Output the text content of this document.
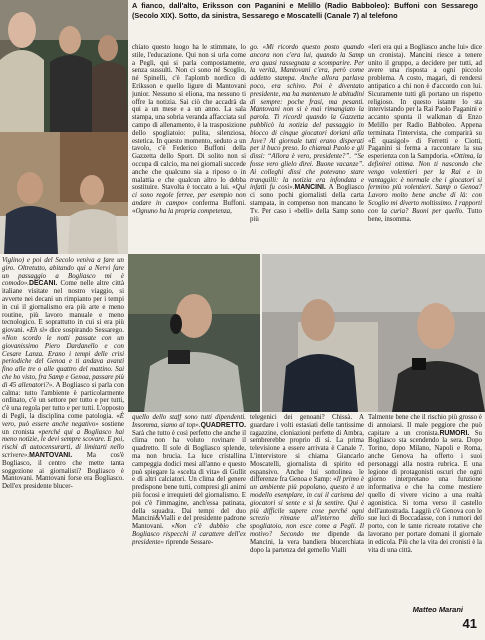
A fianco, dall'alto, Eriksson con Paganini e Melillo (Radio Babboleo): Buffoni con Sessarego (Secolo XIX). Sotto, da sinistra, Sessarego e Moscatelli (Canale 7) al telefono

chiato questo luogo ha le stimmate, lo stile, l'educazione. Qui non si urla come a Pegli, qui si parla compostamente, senza sussulti. Non ci sono né Scoglio, né Spinelli, c'è l'aplomb nordico di Eriksson e quello ligure di Mantovani junior. Nessuno si eliona, ma nessuno ti offre la notizia. Sai ciò che accadrà da qui a un mese e a un anno. La sala stampa, una sobria veranda affacciata sul campo di allenamento, è la trasposizione dello spogliatoio: pulita, silenziosa, estetica. In questo momento, seduto a un tavolo, c'è Federico Buffoni della Gazzetta dello Sport. Di solito non si occupa di calcio, ma nei giornali succede anche che qualcuno sia a riposo o in malattia e che qualcun altro lo debba sostituire. Stavolta è toccato a lui. «Qui ci sono regole ferree, per esempio non andare in campo» conferma Buffoni. «Ognuno ha la propria competenza,

go. «Mi ricordo questo posto quando ancora non c'era lui, quando la Samp era quasi rassegnata a scomparire. Per la verità, Mantovani c'era, però come addetto stampa. Anche allora parlava poco, era schivo. Poi è diventato presidente, ma ha mantenuto le abitudini di sempre: poche frasi, ma pesanti. Mantovani non si è mai rimangiato la parola. Ti ricordi quando la Gazzetta pubblicò la notizia del passaggio in blocco di cinque giocatori doriani alla Juve? Al giornale tutti erano disperati per il buco preso. Io chiamai Paolo e gli dissi: “Allora è vero, presidente?”. “Se fosse vero glielo direi. Buone vacanze”. Ai colleghi dissi che potevano stare tranquilli: la notizia era infondata e infatti fu così».MANCINI. A Bogliasco ci sono pochi giornalisti della carta stampata, in compenso non mancano le Tv. Per caso i «belli» della Samp sono più

«Ieri era qui a Bogliasco anche lui» dice un cronista). Mancini riesce a tenere unito il gruppo, a decidere per tutti, ad avere una risposta a ogni piccolo problema. A costo, magari, di rendersi antipatico a chi non è d'accordo con lui. Sicuramente tutti gli portano un rispetto religioso. In questo istante lo sta intervistando per la Rai Paolo Paganini e accanto spunta il walkman di Enzo Melillo per Radio Babboleo. Appena terminata l'intervista, che comparirà su «È quasigol» di Ferretti e Ciotti, Paganini si ferma a raccontare la sua esperienza con la Sampdoria. «Ottima, la definirei ottima. Non ti nascondo che vengo volentieri per la Rai e in vantaggio: è normale che i giocatori si fermino più volentieri. Samp o Genoa? Lavoro molto bene anche di là: con Scoglio mi diverto moltissimo. I rapporti con la curia? Buoni per quello. Tutto bene, insomma.

Viglino) e poi del Secolo veniva a fare un giro. Oltretutto, abitando qui a Nervi fare un passaggio a Bogliasco mi è comodo».DECANI. Come nelle altre città italiane visitate nel nostro viaggio, si avverte nei decani un rimpianto per i tempi in cui il giornalismo era più arte e meno routine, più lavoro manuale e meno tecnologico. E soprattutto in cui si era più giovani. «Eh sì» dice sospirando Sessarego. «Non scordo le notti passate con un giovanissimo Piero Dardanello e con Cesare Lanza. Erano i tempi delle crisi periodiche del Genoa e ti andava avanti fino alle tre o alle quattro del mattino. Sai che ho visto, fra Samp e Genoa, passare più di 45 allenatori?». A Bogliasco si parla con calma: tutto l'ambiente è particolarmente ordinato, c'è un settore per tutto e per tutti, c'è una regola per tutto e per tutti. L'opposto di Pegli, la disciplina come patologia. «È vero, può essere anche negativo» sostiene un cronista «perché qui a Bogliasco hai meno notizie, le devi sempre scovare. E poi, rischi di autocensurarti, di limitarti nello scrivere».MANTOVANI. Ma cos'è Bogliasco, il centro che mette tanta soggezione ai giornalisti? Bogliasco è Mantovani. Mantovani forse era Bogliasco. Dell'ex presidente blucer-

quello dello staff sono tutti dipendenti. Insomma, siamo al top».QUADRETTO. Sarà che tutto è così perfetto che anche il clima non ha voluto rovinare il quadretto. Il sole di Bogliasco splende, ma non brucia. La luce cristallina campeggia dodici mesi all'anno e questo può spiegare la «scelta di vita» di Gullit e di altri calciatori. Un clima del genere predispone bene tutti, compresi gli animi più focosi e irrequieti del giornalismo. E poi c'è l'immagine, anch'essa patinata, della squadra. Dai tempi del duo Mancini&Vialli e del presidente padrone Mantovani. «Non c'è dubbio che Bogliasco rispecchi il carattere dell'ex presidente» riprende Sessare-

telegenici dei genoani? Chissà. A guardare i volti estasiati delle tantissime ragazzine, cloniazioni perfette di Ambra, sembrerebbe proprio di sì. La prima televisione a essere arrivata è Canale 7. L'intervistore si chiama Giancarlo Moscatelli, giornalista di spirito ed espansivo. Anche lui sottolinea le differenze fra Genoa e Samp: «Il primo è un ambiente più popolano, questo è un modello esemplare, in cui il carisma dei giocatori si sente e si fa sentire. Qui è più difficile sapere cose perché ogni screzio rimane all'interno dello spogliatoio, non esce come a Pegli. Il motivo? Secondo me dipende da Mancini, la vera bandiera blucerchiata dopo la partenza del gemello Vialli

Talmente bene che il rischio più grosso è di annoiarsi. Il male peggiore che può capitare a un cronista.RUMORI. Su Bogliasco sta scendendo la sera. Dopo Torino, dopo Milano, Napoli e Roma, anche Genova ha offerto i suoi personaggi alla nostra rubrica. E una legione di protagonisti oscuri che ogni giorno interpretano una funzione informativa e che ha come mestiere quello di vivere vicino a una realtà agonistica. Si torna verso il castello dell'autostrada. Laggiù c'è Genova con le sue luci di Boccadasse, con i rumori del porto, con le tante ricreate rotative che lavorano per portare domani il giornale in edicola. Più che la vita dei cronisti è la vita di una città.

Matteo Marani

41
